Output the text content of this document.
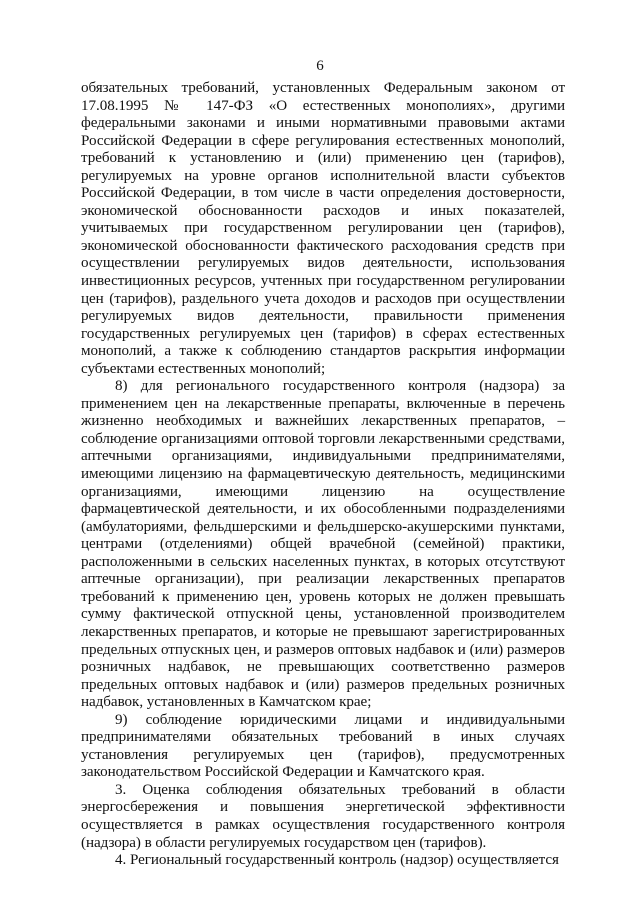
6

обязательных требований, установленных Федеральным законом от 17.08.1995 № 147-ФЗ «О естественных монополиях», другими федеральными законами и иными нормативными правовыми актами Российской Федерации в сфере регулирования естественных монополий, требований к установлению и (или) применению цен (тарифов), регулируемых на уровне органов исполнительной власти субъектов Российской Федерации, в том числе в части определения достоверности, экономической обоснованности расходов и иных показателей, учитываемых при государственном регулировании цен (тарифов), экономической обоснованности фактического расходования средств при осуществлении регулируемых видов деятельности, использования инвестиционных ресурсов, учтенных при государственном регулировании цен (тарифов), раздельного учета доходов и расходов при осуществлении регулируемых видов деятельности, правильности применения государственных регулируемых цен (тарифов) в сферах естественных монополий, а также к соблюдению стандартов раскрытия информации субъектами естественных монополий;

8) для регионального государственного контроля (надзора) за применением цен на лекарственные препараты, включенные в перечень жизненно необходимых и важнейших лекарственных препаратов, – соблюдение организациями оптовой торговли лекарственными средствами, аптечными организациями, индивидуальными предпринимателями, имеющими лицензию на фармацевтическую деятельность, медицинскими организациями, имеющими лицензию на осуществление фармацевтической деятельности, и их обособленными подразделениями (амбулаториями, фельдшерскими и фельдшерско-акушерскими пунктами, центрами (отделениями) общей врачебной (семейной) практики, расположенными в сельских населенных пунктах, в которых отсутствуют аптечные организации), при реализации лекарственных препаратов требований к применению цен, уровень которых не должен превышать сумму фактической отпускной цены, установленной производителем лекарственных препаратов, и которые не превышают зарегистрированных предельных отпускных цен, и размеров оптовых надбавок и (или) размеров розничных надбавок, не превышающих соответственно размеров предельных оптовых надбавок и (или) размеров предельных розничных надбавок, установленных в Камчатском крае;

9) соблюдение юридическими лицами и индивидуальными предпринимателями обязательных требований в иных случаях установления регулируемых цен (тарифов), предусмотренных законодательством Российской Федерации и Камчатского края.

3. Оценка соблюдения обязательных требований в области энергосбережения и повышения энергетической эффективности осуществляется в рамках осуществления государственного контроля (надзора) в области регулируемых государством цен (тарифов).

4. Региональный государственный контроль (надзор) осуществляется
